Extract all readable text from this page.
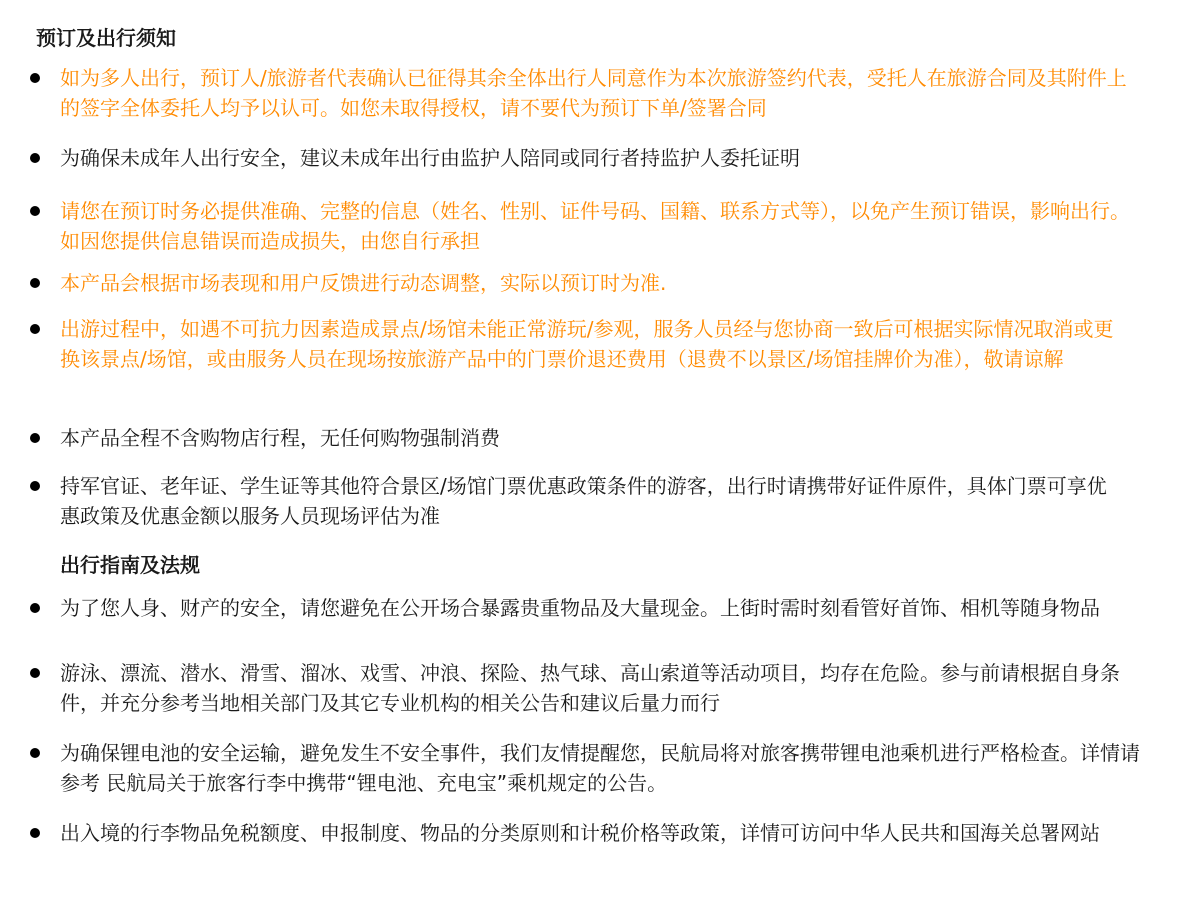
预订及出行须知
如为多人出行，预订人/旅游者代表确认已征得其余全体出行人同意作为本次旅游签约代表，受托人在旅游合同及其附件上的签字全体委托人均予以认可。如您未取得授权，请不要代为预订下单/签署合同
为确保未成年人出行安全，建议未成年出行由监护人陪同或同行者持监护人委托证明
请您在预订时务必提供准确、完整的信息（姓名、性别、证件号码、国籍、联系方式等），以免产生预订错误，影响出行。如因您提供信息错误而造成损失，由您自行承担
本产品会根据市场表现和用户反馈进行动态调整，实际以预订时为准.
出游过程中，如遇不可抗力因素造成景点/场馆未能正常游玩/参观，服务人员经与您协商一致后可根据实际情况取消或更换该景点/场馆，或由服务人员在现场按旅游产品中的门票价退还费用（退费不以景区/场馆挂牌价为准），敬请谅解
本产品全程不含购物店行程，无任何购物强制消费
持军官证、老年证、学生证等其他符合景区/场馆门票优惠政策条件的游客，出行时请携带好证件原件，具体门票可享优惠政策及优惠金额以服务人员现场评估为准
出行指南及法规
为了您人身、财产的安全，请您避免在公开场合暴露贵重物品及大量现金。上街时需时刻看管好首饰、相机等随身物品
游泳、漂流、潜水、滑雪、溜冰、戏雪、冲浪、探险、热气球、高山索道等活动项目，均存在危险。参与前请根据自身条件，并充分参考当地相关部门及其它专业机构的相关公告和建议后量力而行
为确保锂电池的安全运输，避免发生不安全事件，我们友情提醒您，民航局将对旅客携带锂电池乘机进行严格检查。详情请参考 民航局关于旅客行李中携带“锂电池、充电宝”乘机规定的公告。
出入境的行李物品免税额度、申报制度、物品的分类原则和计税价格等政策，详情可访问中华人民共和国海关总署网站
